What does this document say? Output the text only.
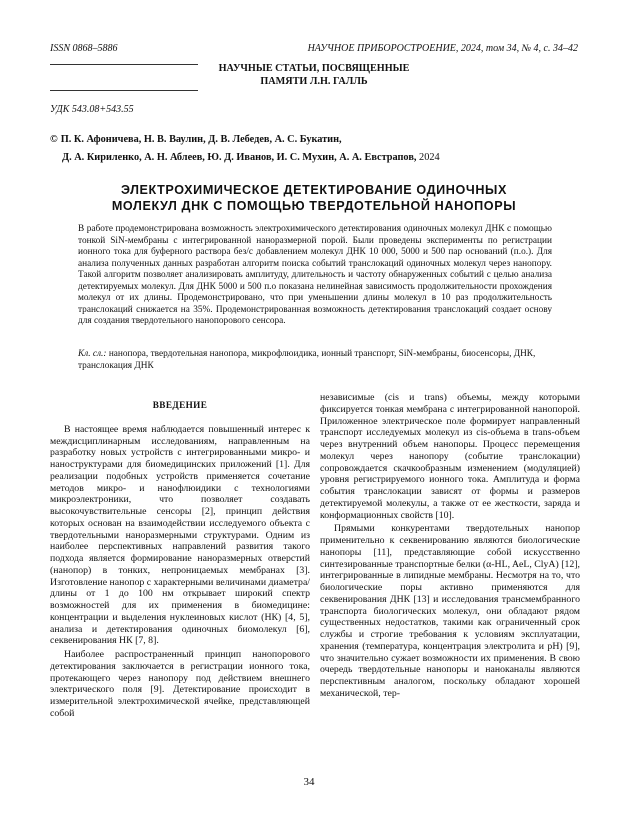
ISSN 0868–5886	НАУЧНОЕ ПРИБОРОСТРОЕНИЕ, 2024, том 34, № 4, с. 34–42
НАУЧНЫЕ СТАТЬИ, ПОСВЯЩЕННЫЕ
ПАМЯТИ Л.Н. ГАЛЛЬ
УДК 543.08+543.55
© П. К. Афоничева, Н. В. Ваулин, Д. В. Лебедев, А. С. Букатин,
Д. А. Кириленко, А. Н. Аблеев, Ю. Д. Иванов, И. С. Мухин, А. А. Евстрапов, 2024
ЭЛЕКТРОХИМИЧЕСКОЕ ДЕТЕКТИРОВАНИЕ ОДИНОЧНЫХ
МОЛЕКУЛ ДНК С ПОМОЩЬЮ ТВЕРДОТЕЛЬНОЙ НАНОПОРЫ
В работе продемонстрирована возможность электрохимического детектирования одиночных молекул ДНК с помощью тонкой SiN-мембраны с интегрированной наноразмерной порой. Были проведены эксперименты по регистрации ионного тока для буферного раствора без/с добавлением молекул ДНК 10 000, 5000 и 500 пар оснований (п.о.). Для анализа полученных данных разработан алгоритм поиска событий транслокаций одиночных молекул через нанопору. Такой алгоритм позволяет анализировать амплитуду, длительность и частоту обнаруженных событий с целью анализа детектируемых молекул. Для ДНК 5000 и 500 п.о показана нелинейная зависимость продолжительности прохождения молекул от их длины. Продемонстрировано, что при уменьшении длины молекул в 10 раз продолжительность транслокаций снижается на 35%. Продемонстрированная возможность детектирования транслокаций создает основу для создания твердотельного нанопорового сенсора.
Кл. сл.: нанопора, твердотельная нанопора, микрофлюидика, ионный транспорт, SiN-мембраны, биосенсоры, ДНК, транслокация ДНК
ВВЕДЕНИЕ

В настоящее время наблюдается повышенный интерес к междисциплинарным исследованиям, направленным на разработку новых устройств с интегрированными микро- и наноструктурами для биомедицинских приложений [1]. Для реализации подобных устройств применяется сочетание методов микро- и нанофлюидики с технологиями микроэлектроники, что позволяет создавать высокочувствительные сенсоры [2], принцип действия которых основан на взаимодействии исследуемого объекта с твердотельными наноразмерными структурами. Одним из наиболее перспективных направлений развития такого подхода является формирование наноразмерных отверстий (нанопор) в тонких, непроницаемых мембранах [3]. Изготовление нанопор с характерными величинами диаметра/длины от 1 до 100 нм открывает широкий спектр возможностей для их применения в биомедицине: концентрации и выделения нуклеиновых кислот (НК) [4, 5], анализа и детектирования одиночных биомолекул [6], секвенирования НК [7, 8].

Наиболее распространенный принцип нанопорового детектирования заключается в регистрации ионного тока, протекающего через нанопору под действием внешнего электрического поля [9]. Детектирование происходит в измерительной электрохимической ячейке, представляющей собой

независимые (cis и trans) объемы, между которыми фиксируется тонкая мембрана с интегрированной нанопорой. Приложенное электрическое поле формирует направленный транспорт исследуемых молекул из cis-объема в trans-объем через внутренний объем нанопоры. Процесс перемещения молекул через нанопору (событие транслокации) сопровождается скачкообразным изменением (модуляцией) уровня регистрируемого ионного тока. Амплитуда и форма события транслокации зависят от формы и размеров детектируемой молекулы, а также от ее жесткости, заряда и конформационных свойств [10].

Прямыми конкурентами твердотельных нанопор применительно к секвенированию являются биологические нанопоры [11], представляющие собой искусственно синтезированные транспортные белки (α-HL, AeL, ClyA) [12], интегрированные в липидные мембраны. Несмотря на то, что биологические поры активно применяются для секвенирования ДНК [13] и исследования трансмембранного транспорта биологических молекул, они обладают рядом существенных недостатков, такими как ограниченный срок службы и строгие требования к условиям эксплуатации, хранения (температура, концентрация электролита и pH) [9], что значительно сужает возможности их применения. В свою очередь твердотельные нанопоры и наноканалы являются перспективным аналогом, поскольку обладают хорошей механической, тер-

34
